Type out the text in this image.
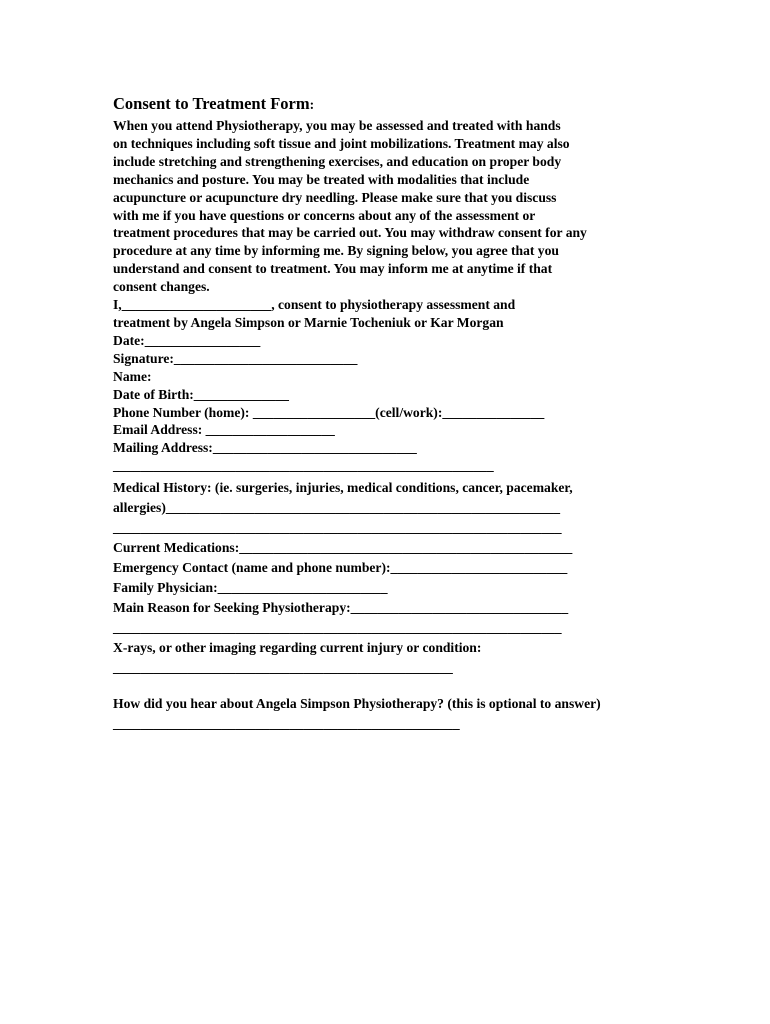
Consent to Treatment Form:
When you attend Physiotherapy, you may be assessed and treated with hands
on techniques including soft tissue and joint mobilizations. Treatment may also
include stretching and strengthening exercises, and education on proper body
mechanics and posture. You may be treated with modalities that include
acupuncture or acupuncture dry needling. Please make sure that you discuss
with me if you have questions or concerns about any of the assessment or
treatment procedures that may be carried out. You may withdraw consent for any
procedure at any time by informing me. By signing below, you agree that you
understand and consent to treatment. You may inform me at anytime if that
consent changes.
I,______________________, consent to physiotherapy assessment and
treatment by Angela Simpson or Marnie Tocheniuk or Kar Morgan
Date:_________________
Signature:___________________________
Name:
Date of Birth:______________
Phone Number (home): __________________(cell/work):_______________
Email Address: ___________________
Mailing Address:______________________________
________________________________________________________
Medical History: (ie. surgeries, injuries, medical conditions, cancer, pacemaker,
allergies)__________________________________________________________
__________________________________________________________________
Current Medications:_________________________________________________
Emergency Contact (name and phone number):__________________________
Family Physician:_________________________
Main Reason for Seeking Physiotherapy:________________________________
__________________________________________________________________
X-rays, or other imaging regarding current injury or condition:
__________________________________________________
How did you hear about Angela Simpson Physiotherapy? (this is optional to answer)
___________________________________________________
